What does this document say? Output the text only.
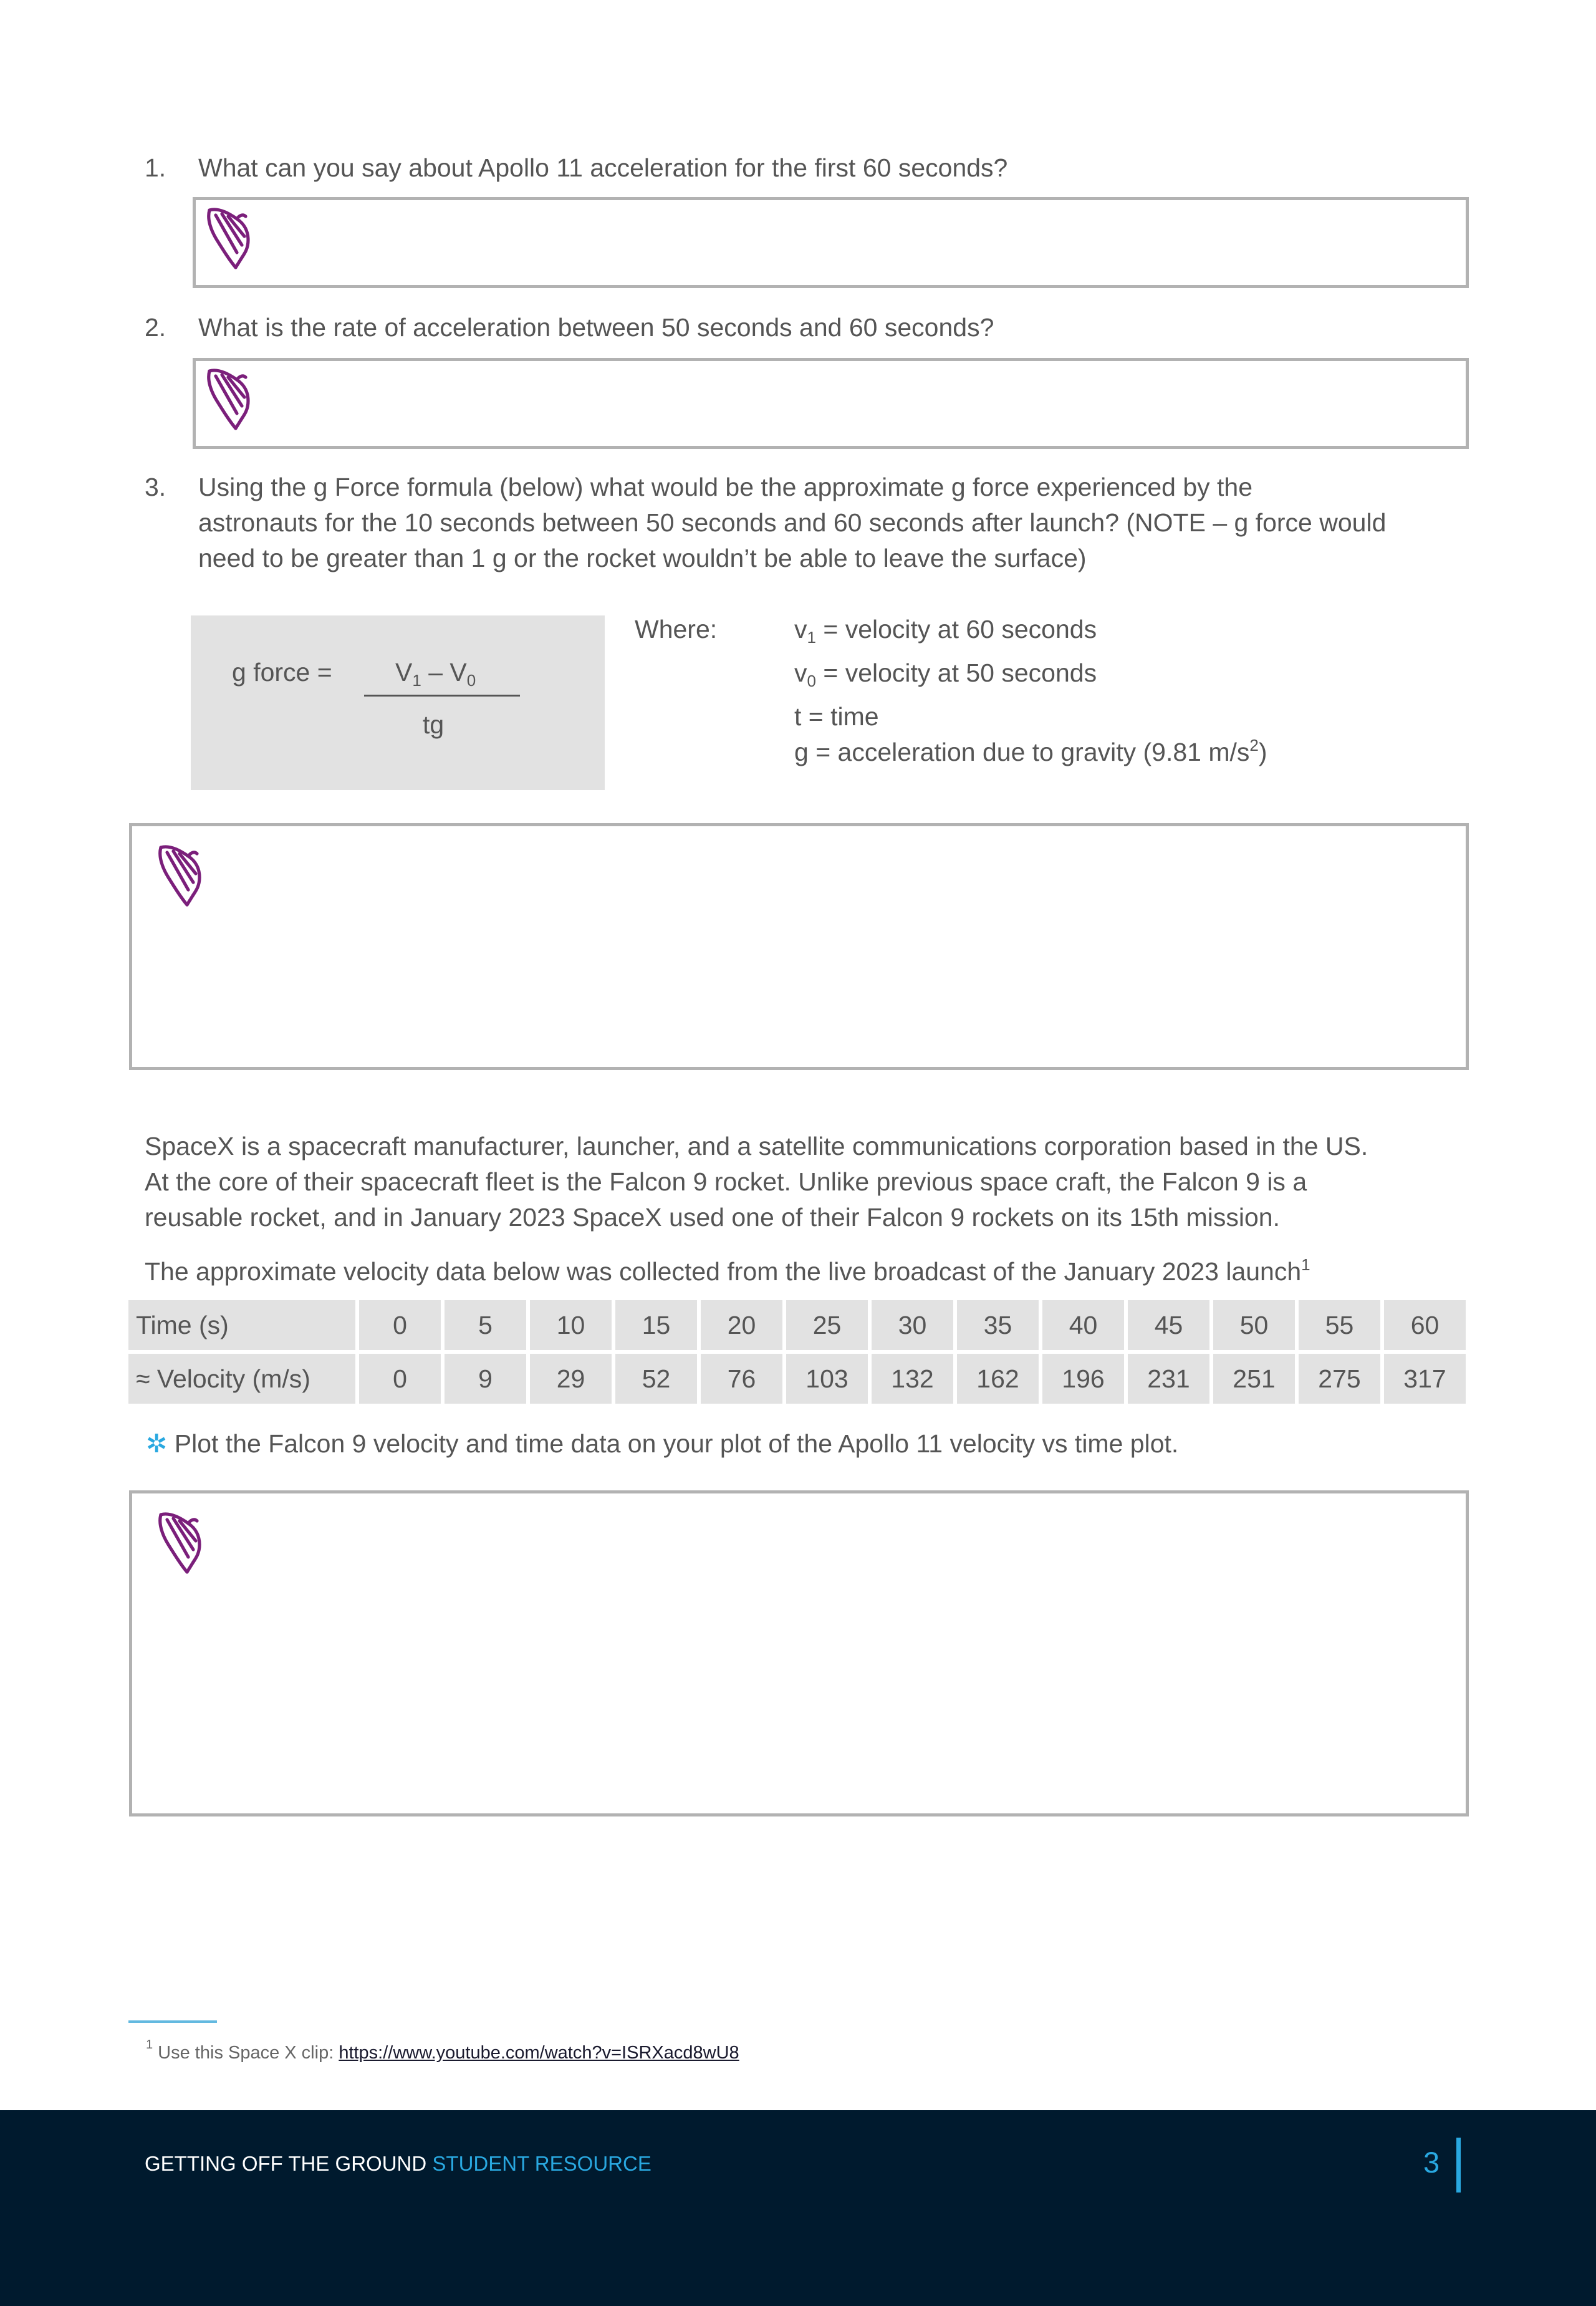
1. What can you say about Apollo 11 acceleration for the first 60 seconds?
2. What is the rate of acceleration between 50 seconds and 60 seconds?
3. Using the g Force formula (below) what would be the approximate g force experienced by the
astronauts for the 10 seconds between 50 seconds and 60 seconds after launch? (NOTE – g force would
need to be greater than 1 g or the rocket wouldn’t be able to leave the surface)
g force = $V_1 - V_0$
tg
Where:	$v_1$ = velocity at 60 seconds
$v_0$ = velocity at 50 seconds
t = time
g = acceleration due to gravity (9.81 $m/s^2$)
SpaceX is a spacecraft manufacturer, launcher, and a satellite communications corporation based in the US.
At the core of their spacecraft fleet is the Falcon 9 rocket. Unlike previous space craft, the Falcon 9 is a
reusable rocket, and in January 2023 SpaceX used one of their Falcon 9 rockets on its 15th mission.
The approximate velocity data below was collected from the live broadcast of the January 2023 launch$^1$
Time (s)	0	5	10	15	20	25	30	35	40	45	50	55	60
≈ Velocity (m/s)	0	9	29	52	76	103	132	162	196	231	251	275	317
✲ Plot the Falcon 9 velocity and time data on your plot of the Apollo 11 velocity vs time plot.
$^1$ Use this Space X clip: https://www.youtube.com/watch?v=ISRXacd8wU8
GETTING OFF THE GROUND STUDENT RESOURCE	3
